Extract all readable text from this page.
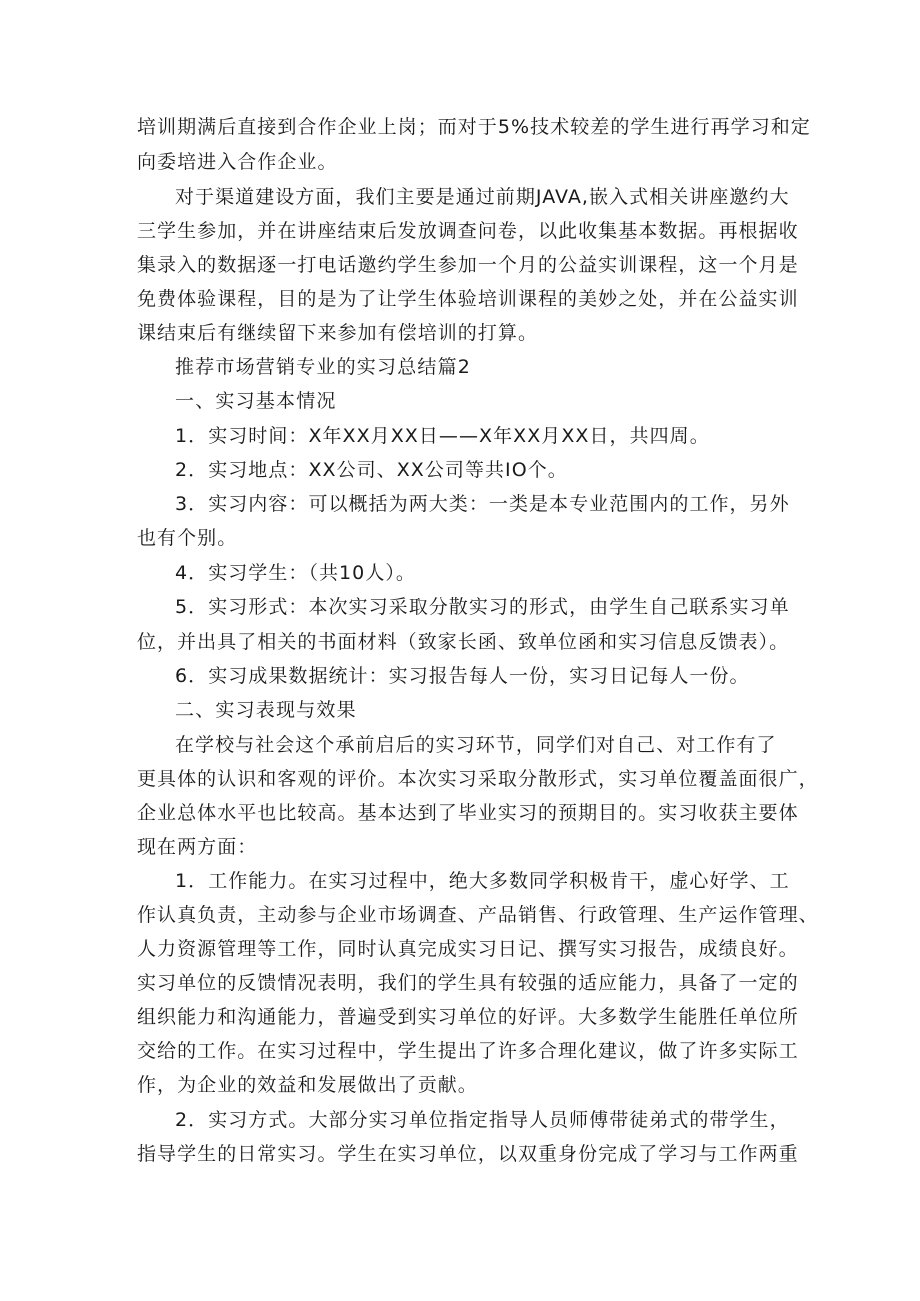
培训期满后直接到合作企业上岗；而对于5%技术较差的学生进行再学习和定
向委培进入合作企业。
对于渠道建设方面，我们主要是通过前期JAVA,嵌入式相关讲座邀约大
三学生参加，并在讲座结束后发放调查问卷，以此收集基本数据。再根据收
集录入的数据逐一打电话邀约学生参加一个月的公益实训课程，这一个月是
免费体验课程，目的是为了让学生体验培训课程的美妙之处，并在公益实训
课结束后有继续留下来参加有偿培训的打算。
推荐市场营销专业的实习总结篇2
一、实习基本情况
1．实习时间：X年XX月XX日——X年XX月XX日，共四周。
2．实习地点：XX公司、XX公司等共IO个。
3．实习内容：可以概括为两大类：一类是本专业范围内的工作，另外
也有个别。
4．实习学生：（共10人）。
5．实习形式：本次实习采取分散实习的形式，由学生自己联系实习单
位，并出具了相关的书面材料（致家长函、致单位函和实习信息反馈表）。
6．实习成果数据统计：实习报告每人一份，实习日记每人一份。
二、实习表现与效果
在学校与社会这个承前启后的实习环节，同学们对自己、对工作有了
更具体的认识和客观的评价。本次实习采取分散形式，实习单位覆盖面很广，
企业总体水平也比较高。基本达到了毕业实习的预期目的。实习收获主要体
现在两方面：
1．工作能力。在实习过程中，绝大多数同学积极肯干，虚心好学、工
作认真负责，主动参与企业市场调查、产品销售、行政管理、生产运作管理、
人力资源管理等工作，同时认真完成实习日记、撰写实习报告，成绩良好。
实习单位的反馈情况表明，我们的学生具有较强的适应能力，具备了一定的
组织能力和沟通能力，普遍受到实习单位的好评。大多数学生能胜任单位所
交给的工作。在实习过程中，学生提出了许多合理化建议，做了许多实际工
作，为企业的效益和发展做出了贡献。
2．实习方式。大部分实习单位指定指导人员师傅带徒弟式的带学生，
指导学生的日常实习。学生在实习单位，以双重身份完成了学习与工作两重
